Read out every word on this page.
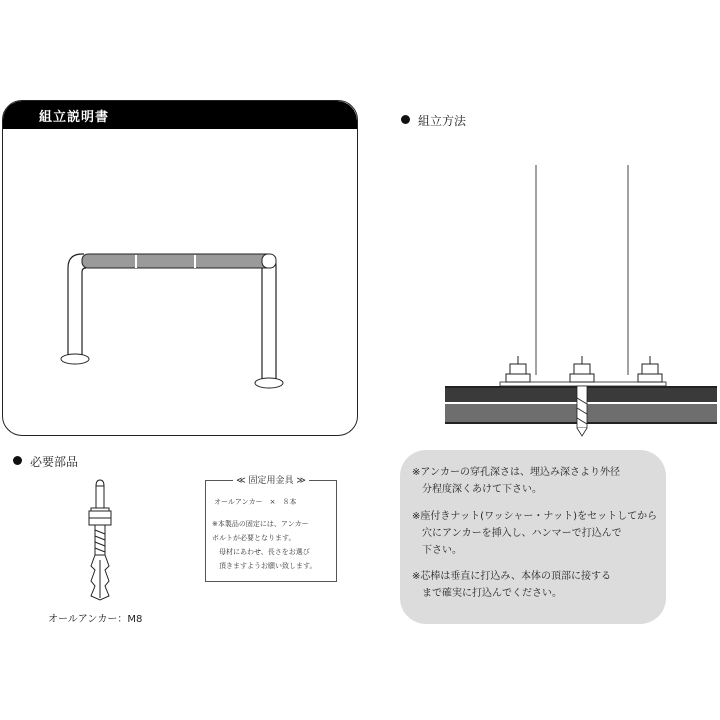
組立説明書	組立方法
必要部品
オールアンカー：M8
≪ 固定用金具 ≫
オールアンカー　×　８本
※本製品の固定には、アンカー
ボルトが必要となります。
　母材にあわせ、長さをお選び
　頂きますようお願い致します。
※アンカーの穿孔深さは、埋込み深さより外径
　分程度深くあけて下さい。
※座付きナット(ワッシャー・ナット)をセットしてから
　穴にアンカーを挿入し、ハンマーで打込んで
　下さい。
※芯棒は垂直に打込み、本体の頂部に接する
　まで確実に打込んでください。
